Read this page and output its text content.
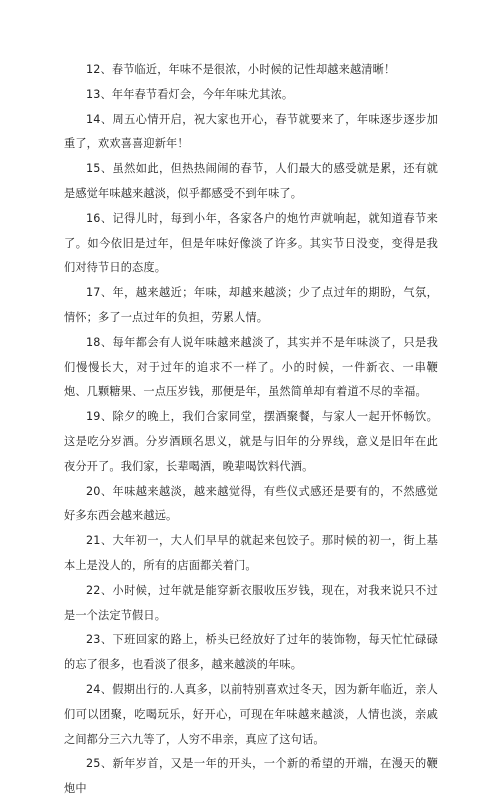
12、春节临近，年味不是很浓，小时候的记性却越来越清晰！

13、年年春节看灯会，今年年味尤其浓。

14、周五心情开启，祝大家也开心，春节就要来了，年味逐步逐步加重了，欢欢喜喜迎新年！

15、虽然如此，但热热闹闹的春节，人们最大的感受就是累，还有就是感觉年味越来越淡，似乎都感受不到年味了。

16、记得儿时，每到小年，各家各户的炮竹声就响起，就知道春节来了。如今依旧是过年，但是年味好像淡了许多。其实节日没变，变得是我们对待节日的态度。

17、年，越来越近；年味，却越来越淡；少了点过年的期盼，气氛，情怀；多了一点过年的负担，劳累人情。

18、每年都会有人说年味越来越淡了，其实并不是年味淡了，只是我们慢慢长大，对于过年的追求不一样了。小的时候，一件新衣、一串鞭炮、几颗糖果、一点压岁钱，那便是年，虽然简单却有着道不尽的幸福。

19、除夕的晚上，我们合家同堂，摆酒聚餐，与家人一起开怀畅饮。这是吃分岁酒。分岁酒顾名思义，就是与旧年的分界线，意义是旧年在此夜分开了。我们家，长辈喝酒，晚辈喝饮料代酒。

20、年味越来越淡，越来越觉得，有些仪式感还是要有的，不然感觉好多东西会越来越远。

21、大年初一，大人们早早的就起来包饺子。那时候的初一，街上基本上是没人的，所有的店面都关着门。

22、小时候，过年就是能穿新衣服收压岁钱，现在，对我来说只不过是一个法定节假日。

23、下班回家的路上，桥头已经放好了过年的装饰物，每天忙忙碌碌的忘了很多，也看淡了很多，越来越淡的年味。

24、假期出行的.人真多，以前特别喜欢过冬天，因为新年临近，亲人们可以团聚，吃喝玩乐，好开心，可现在年味越来越淡，人情也淡，亲戚之间都分三六九等了，人穷不串亲，真应了这句话。

25、新年岁首，又是一年的开头，一个新的希望的开端，在漫天的鞭炮中
